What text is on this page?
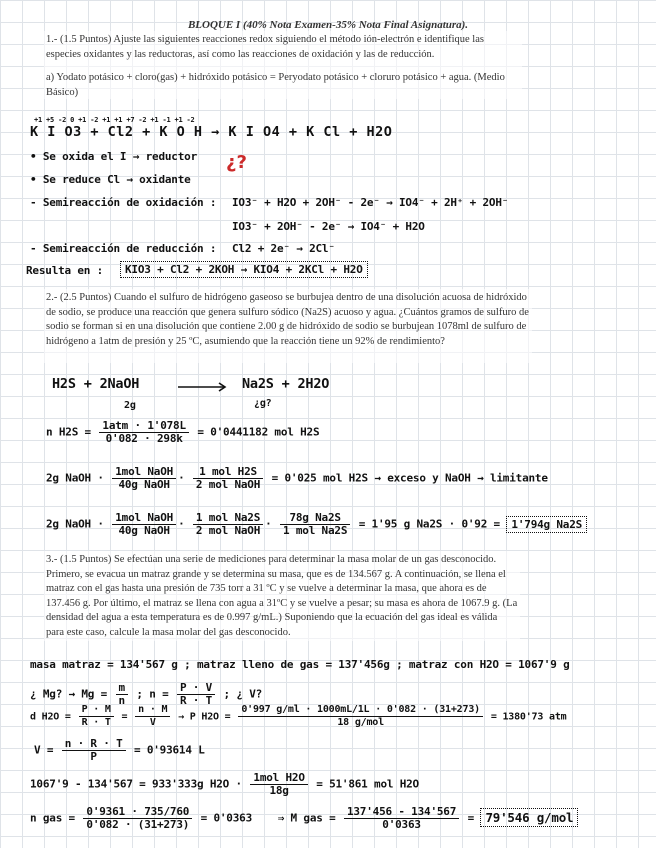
BLOQUE I (40% Nota Examen-35% Nota Final Asignatura).
1.- (1.5 Puntos) Ajuste las siguientes reacciones redox siguiendo el método ión-electrón e identifique las especies oxidantes y las reductoras, así como las reacciones de oxidación y las de reducción.
a) Yodato potásico + cloro(gas) + hidróxido potásico = Peryodato potásico + cloruro potásico + agua. (Medio Básico)
+1 +5 -2 0 +1 -2 +1 +1 +7 -2 +1 -1 +1 -2
K I O3 + Cl2 + K O H → K I O4 + K Cl + H2O
• Se oxida el I → reductor ¿?
• Se reduce Cl → oxidante
- Semireacción de oxidación : IO3⁻ + H2O + 2OH⁻ - 2e⁻ → IO4⁻ + 2H⁺ + 2OH⁻
IO3⁻ + 2OH⁻ - 2e⁻ → IO4⁻ + H2O
- Semireacción de reducción : Cl2 + 2e⁻ → 2Cl⁻
Resulta en :	KIO3 + Cl2 + 2KOH → KIO4 + 2KCl + H2O
2.- (2.5 Puntos) Cuando el sulfuro de hidrógeno gaseoso se burbujea dentro de una disolución acuosa de hidróxido de sodio, se produce una reacción que genera sulfuro sódico (Na2S) acuoso y agua. ¿Cuántos gramos de sulfuro de sodio se forman si en una disolución que contiene 2.00 g de hidróxido de sodio se burbujean 1078ml de sulfuro de hidrógeno a 1atm de presión y 25 ºC, asumiendo que la reacción tiene un 92% de rendimiento?
H2S + 2NaOH	Na2S + 2H2O
2g	¿g?
n $H2S = \frac{\text{1atm · 1'078L}}{0'082 \cdot 298k} = 0'0441182$ mol H2S
2g NaOH · $\frac{\text{1mol NaOH}}{\text{40g NaOH}} \cdot \frac{\text{1 mol H2S}}{\text{2 mol NaOH}} = 0'025$ mol H2S → exceso y NaOH → limitante
2g NaOH · $\frac{\text{1mol NaOH}}{\text{40g NaOH}} \cdot \frac{\text{1 mol Na2S}}{\text{2 mol NaOH}} \cdot \frac{\text{78g Na2S}}{\text{1 mol Na2S}} = 1'95$ g Na2S · 0'92 = 1'794g Na2S
3.- (1.5 Puntos) Se efectúan una serie de mediciones para determinar la masa molar de un gas desconocido. Primero, se evacua un matraz grande y se determina su masa, que es de 134.567 g. A continuación, se llena el matraz con el gas hasta una presión de 735 torr a 31 ºC y se vuelve a determinar la masa, que ahora es de 137.456 g. Por último, el matraz se llena con agua a 31ºC y se vuelve a pesar; su masa es ahora de 1067.9 g. (La densidad del agua a esta temperatura es de 0.997 g/mL.) Suponiendo que la ecuación del gas ideal es válida para este caso, calcule la masa molar del gas desconocido.
masa matraz = 134'567 g ; matraz lleno de gas = 137'456g ; matraz con H2O = 1067'9 g
¿ Mg? → $Mg = \frac{m}{n}$ ; $n = \frac{P \cdot V}{R \cdot T}$ ; ¿ V?
d $H2O = \frac{P \cdot M}{R \cdot T} = \frac{n \cdot M}{V} \to P$ $H2O = \frac{0'997 g/ml \cdot 1000mL/1L \cdot 0'082 \cdot (31+273)}{\text{18 g/mol}} = 1380'73$ atm
$V = \frac{n \cdot R \cdot T}{P} = 0'93614$ L
1067'9 - 134'567 = 933'333g $H2O \cdot \frac{\text{1mol H2O}}{18g} = 51'861$ mol H2O
n gas = $\frac{0'9361 \cdot 735/760}{0'082 \cdot (31+273)} = 0'0363$ ⇒ M gas = $\frac{137'456 - 134'567}{0'0363} = 79'546$ g/mol
